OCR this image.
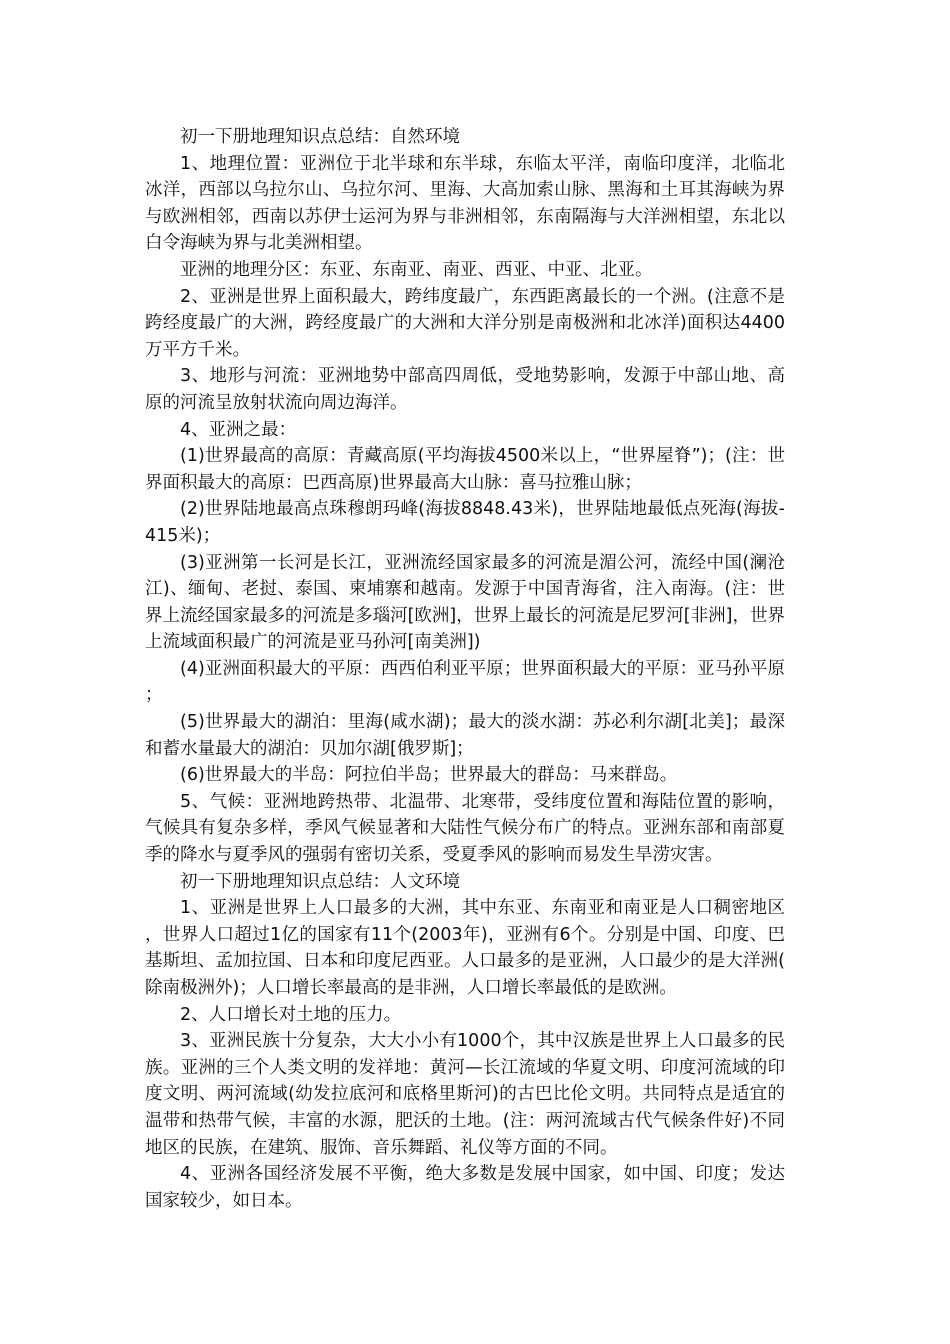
初一下册地理知识点总结：自然环境

1、地理位置：亚洲位于北半球和东半球，东临太平洋，南临印度洋，北临北冰洋，西部以乌拉尔山、乌拉尔河、里海、大高加索山脉、黑海和土耳其海峡为界与欧洲相邻，西南以苏伊士运河为界与非洲相邻，东南隔海与大洋洲相望，东北以白令海峡为界与北美洲相望。

亚洲的地理分区：东亚、东南亚、南亚、西亚、中亚、北亚。

2、亚洲是世界上面积最大，跨纬度最广，东西距离最长的一个洲。(注意不是跨经度最广的大洲，跨经度最广的大洲和大洋分别是南极洲和北冰洋)面积达4400万平方千米。

3、地形与河流：亚洲地势中部高四周低，受地势影响，发源于中部山地、高原的河流呈放射状流向周边海洋。

4、亚洲之最：

(1)世界最高的高原：青藏高原(平均海拔4500米以上，“世界屋脊”)；(注：世界面积最大的高原：巴西高原)世界最高大山脉：喜马拉雅山脉；

(2)世界陆地最高点珠穆朗玛峰(海拔8848.43米)，世界陆地最低点死海(海拔-415米)；

(3)亚洲第一长河是长江，亚洲流经国家最多的河流是湄公河，流经中国(澜沧江)、缅甸、老挝、泰国、柬埔寨和越南。发源于中国青海省，注入南海。(注：世界上流经国家最多的河流是多瑙河[欧洲]，世界上最长的河流是尼罗河[非洲]，世界上流域面积最广的河流是亚马孙河[南美洲])

(4)亚洲面积最大的平原：西西伯利亚平原；世界面积最大的平原：亚马孙平原；

(5)世界最大的湖泊：里海(咸水湖)；最大的淡水湖：苏必利尔湖[北美]；最深和蓄水量最大的湖泊：贝加尔湖[俄罗斯]；

(6)世界最大的半岛：阿拉伯半岛；世界最大的群岛：马来群岛。

5、气候：亚洲地跨热带、北温带、北寒带，受纬度位置和海陆位置的影响，气候具有复杂多样，季风气候显著和大陆性气候分布广的特点。亚洲东部和南部夏季的降水与夏季风的强弱有密切关系，受夏季风的影响而易发生旱涝灾害。

初一下册地理知识点总结：人文环境

1、亚洲是世界上人口最多的大洲，其中东亚、东南亚和南亚是人口稠密地区，世界人口超过1亿的国家有11个(2003年)，亚洲有6个。分别是中国、印度、巴基斯坦、孟加拉国、日本和印度尼西亚。人口最多的是亚洲，人口最少的是大洋洲(除南极洲外)；人口增长率最高的是非洲，人口增长率最低的是欧洲。

2、人口增长对土地的压力。

3、亚洲民族十分复杂，大大小小有1000个，其中汉族是世界上人口最多的民族。亚洲的三个人类文明的发祥地：黄河—长江流域的华夏文明、印度河流域的印度文明、两河流域(幼发拉底河和底格里斯河)的古巴比伦文明。共同特点是适宜的温带和热带气候，丰富的水源，肥沃的土地。(注：两河流域古代气候条件好)不同地区的民族，在建筑、服饰、音乐舞蹈、礼仪等方面的不同。

4、亚洲各国经济发展不平衡，绝大多数是发展中国家，如中国、印度；发达国家较少，如日本。
